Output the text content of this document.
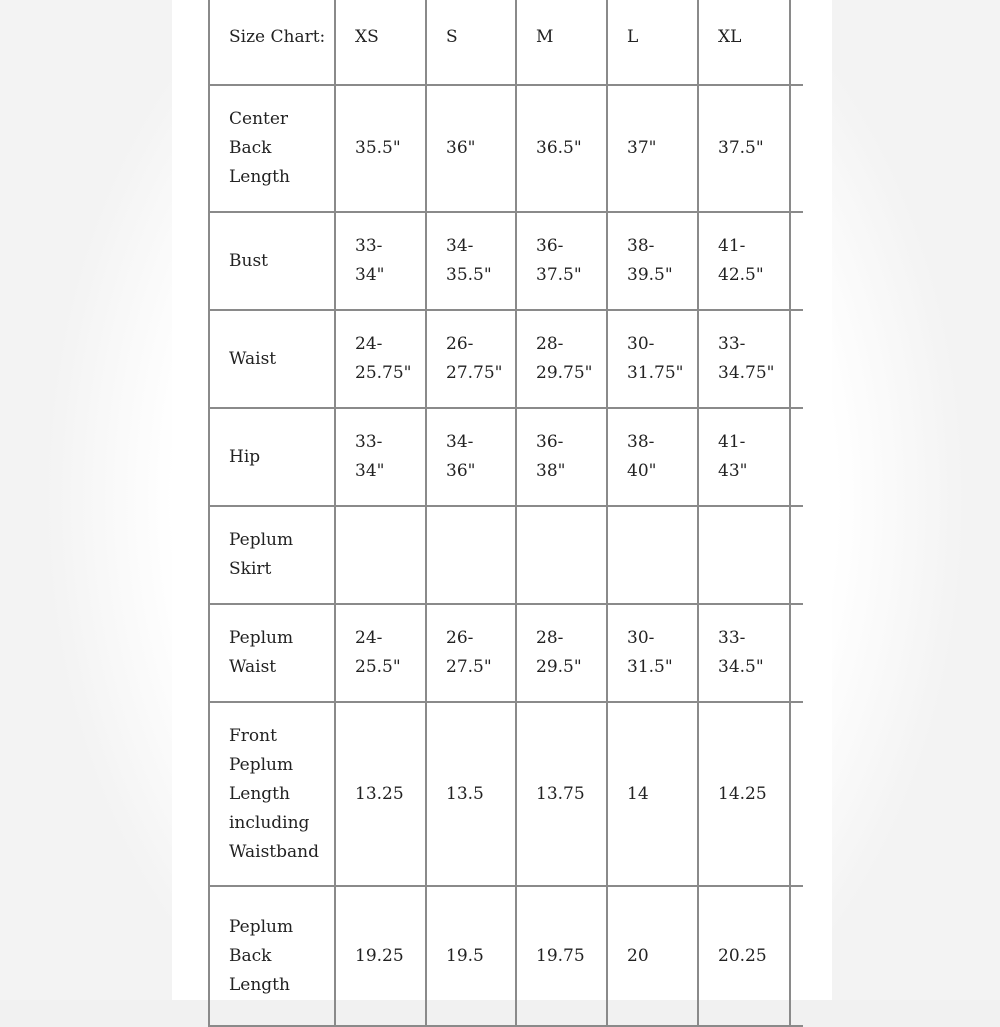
Size Chart:	XS	S	M	L	XL	
Center Back Length	35.5"	36"	36.5"	37"	37.5"	
Bust	33-34"	34-35.5"	36-37.5"	38-39.5"	41-42.5"	
Waist	24-25.75"	26-27.75"	28-29.75"	30-31.75"	33-34.75"	
Hip	33-34"	34-36"	36-38"	38-40"	41-43"	
Peplum Skirt						
Peplum Waist	24-25.5"	26-27.5"	28-29.5"	30-31.5"	33-34.5"	
Front Peplum Length including Waistband	13.25	13.5	13.75	14	14.25	
Peplum Back Length	19.25	19.5	19.75	20	20.25	
